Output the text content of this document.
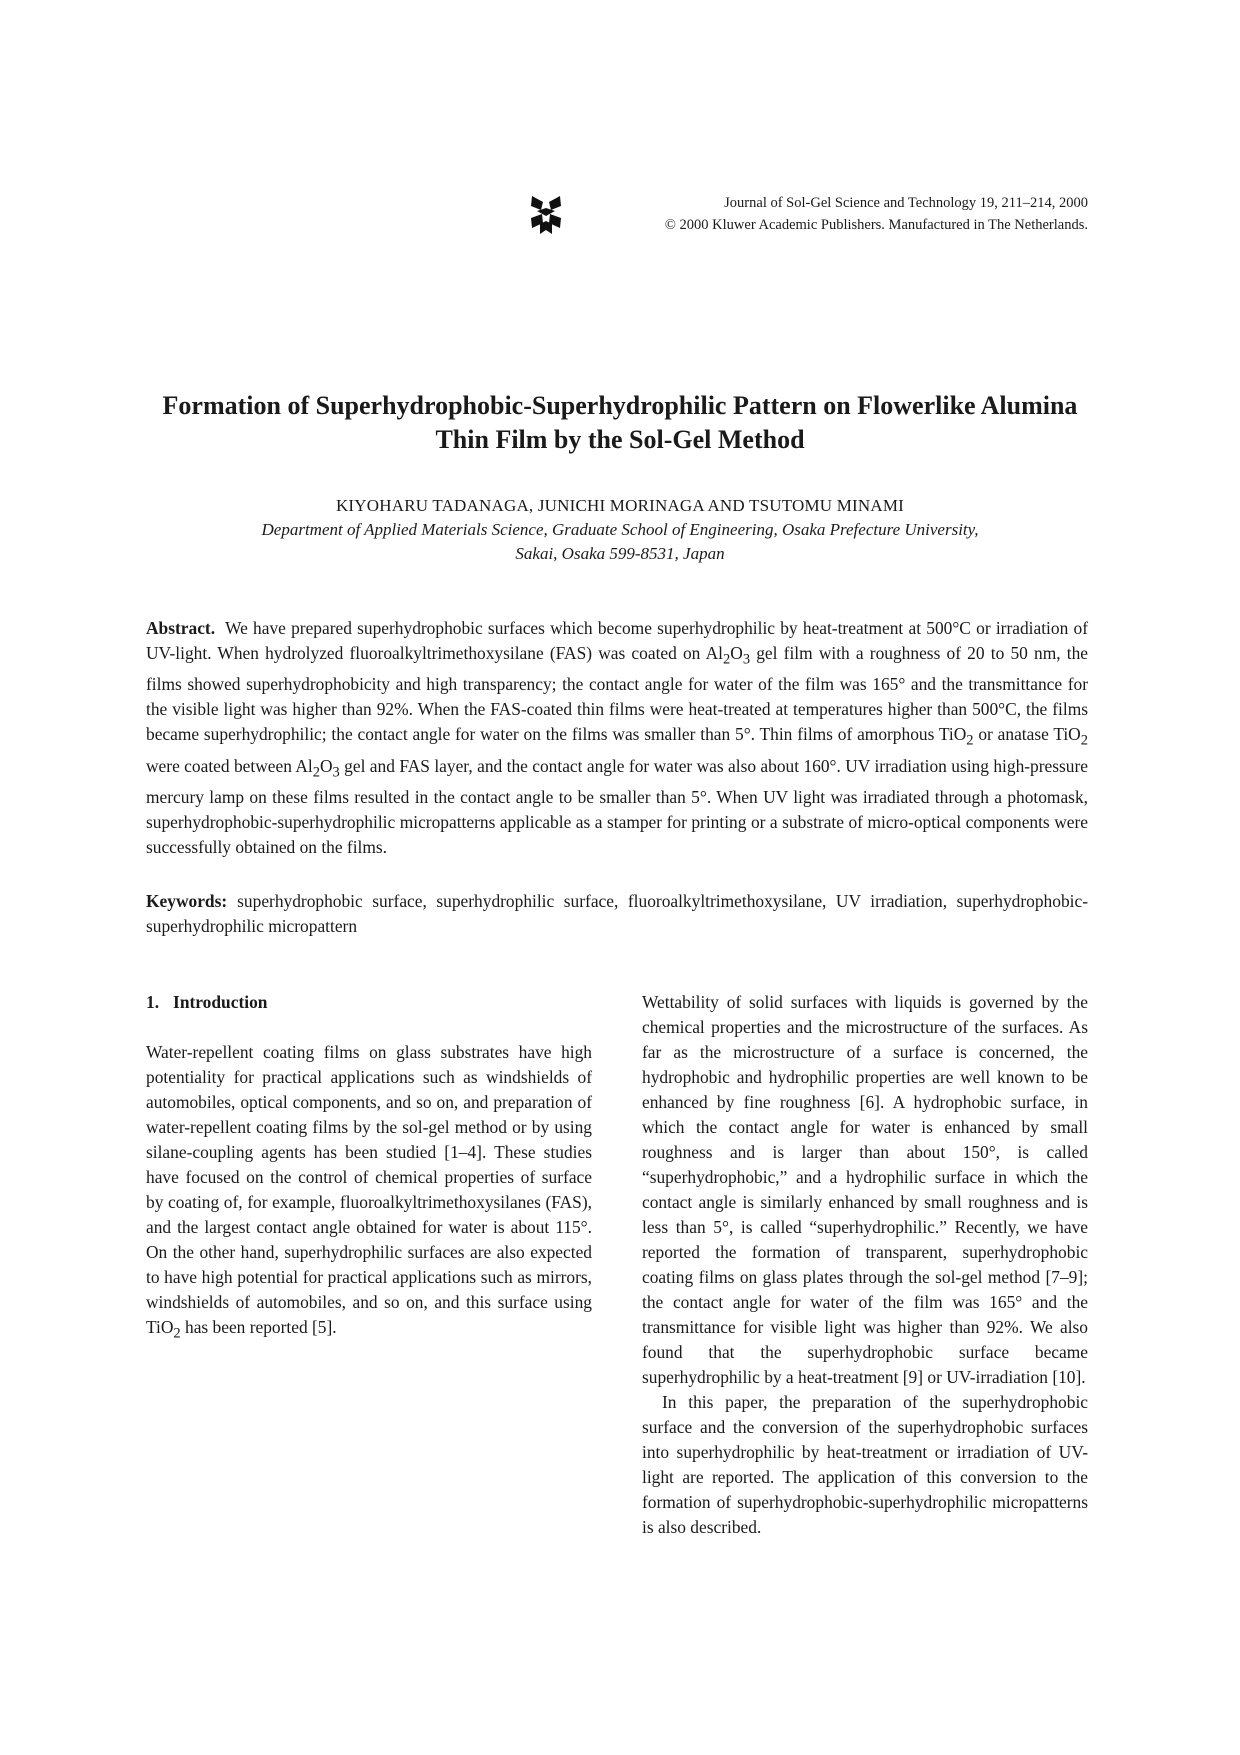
Journal of Sol-Gel Science and Technology 19, 211–214, 2000
© 2000 Kluwer Academic Publishers. Manufactured in The Netherlands.
Formation of Superhydrophobic-Superhydrophilic Pattern on Flowerlike Alumina Thin Film by the Sol-Gel Method
KIYOHARU TADANAGA, JUNICHI MORINAGA AND TSUTOMU MINAMI
Department of Applied Materials Science, Graduate School of Engineering, Osaka Prefecture University,
Sakai, Osaka 599-8531, Japan
Abstract. We have prepared superhydrophobic surfaces which become superhydrophilic by heat-treatment at 500°C or irradiation of UV-light. When hydrolyzed fluoroalkyltrimethoxysilane (FAS) was coated on $Al_2O_3$ gel film with a roughness of 20 to 50 nm, the films showed superhydrophobicity and high transparency; the contact angle for water of the film was 165° and the transmittance for the visible light was higher than 92%. When the FAS-coated thin films were heat-treated at temperatures higher than 500°C, the films became superhydrophilic; the contact angle for water on the films was smaller than 5°. Thin films of amorphous TiO$_2$ or anatase TiO$_2$ were coated between $Al_2O_3$ gel and FAS layer, and the contact angle for water was also about 160°. UV irradiation using high-pressure mercury lamp on these films resulted in the contact angle to be smaller than 5°. When UV light was irradiated through a photomask, superhydrophobic-superhydrophilic micropatterns applicable as a stamper for printing or a substrate of micro-optical components were successfully obtained on the films.
Keywords: superhydrophobic surface, superhydrophilic surface, fluoroalkyltrimethoxysilane, UV irradiation, superhydrophobic-superhydrophilic micropattern

1. Introduction

Water-repellent coating films on glass substrates have high potentiality for practical applications such as windshields of automobiles, optical components, and so on, and preparation of water-repellent coating films by the sol-gel method or by using silane-coupling agents has been studied [1–4]. These studies have focused on the control of chemical properties of surface by coating of, for example, fluoroalkyltrimethoxysilanes (FAS), and the largest contact angle obtained for water is about 115°. On the other hand, superhydrophilic surfaces are also expected to have high potential for practical applications such as mirrors, windshields of automobiles, and so on, and this surface using TiO$_2$ has been reported [5].

Wettability of solid surfaces with liquids is governed by the chemical properties and the microstructure of the surfaces. As far as the microstructure of a surface is concerned, the hydrophobic and hydrophilic properties are well known to be enhanced by fine roughness [6]. A hydrophobic surface, in which the contact angle for water is enhanced by small roughness and is larger than about 150°, is called “superhydrophobic,” and a hydrophilic surface in which the contact angle is similarly enhanced by small roughness and is less than 5°, is called “superhydrophilic.” Recently, we have reported the formation of transparent, superhydrophobic coating films on glass plates through the sol-gel method [7–9]; the contact angle for water of the film was 165° and the transmittance for visible light was higher than 92%. We also found that the superhydrophobic surface became superhydrophilic by a heat-treatment [9] or UV-irradiation [10].

In this paper, the preparation of the superhydrophobic surface and the conversion of the superhydrophobic surfaces into superhydrophilic by heat-treatment or irradiation of UV-light are reported. The application of this conversion to the formation of superhydrophobic-superhydrophilic micropatterns is also described.
